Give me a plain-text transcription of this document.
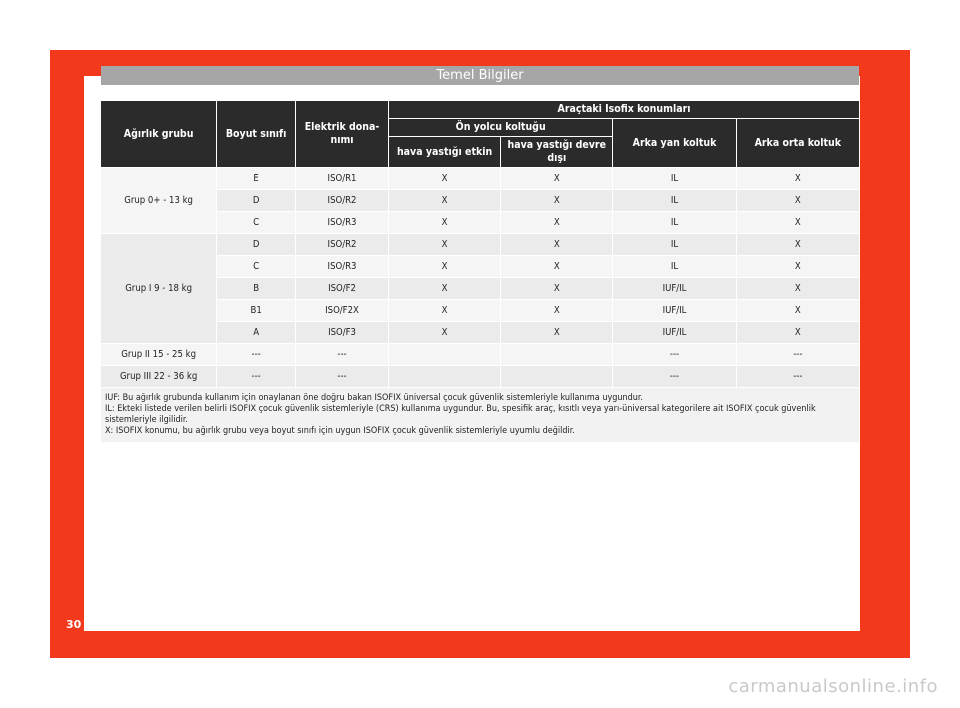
Temel Bilgiler
Ağırlık grubu	Boyut sınıfı	Elektrik donanımı	Araçtaki Isofix konumları			
			Ön yolcu koltuğu		Arka yan koltuk	Arka orta koltuk
			hava yastığı etkin	hava yastığı devre dışı		
Grup 0+ - 13 kg	E	ISO/R1	X	X	IL	X
	D	ISO/R2	X	X	IL	X
	C	ISO/R3	X	X	IL	X
Grup I 9 - 18 kg	D	ISO/R2	X	X	IL	X
	C	ISO/R3	X	X	IL	X
	B	ISO/F2	X	X	IUF/IL	X
	B1	ISO/F2X	X	X	IUF/IL	X
	A	ISO/F3	X	X	IUF/IL	X
Grup II 15 - 25 kg	---	---			---	---
Grup III 22 - 36 kg	---	---			---	---

IUF: Bu ağırlık grubunda kullanım için onaylanan öne doğru bakan ISOFIX üniversal çocuk güvenlik sistemleriyle kullanıma uygundur.
IL: Ekteki listede verilen belirli ISOFIX çocuk güvenlik sistemleriyle (CRS) kullanıma uygundur. Bu, spesifik araç, kısıtlı veya yarı-üniversal kategorilere ait ISOFIX çocuk güvenlik sistemleriyle ilgilidir.
X: ISOFIX konumu, bu ağırlık grubu veya boyut sınıfı için uygun ISOFIX çocuk güvenlik sistemleriyle uyumlu değildir.						
30
carmanualsonline.info
